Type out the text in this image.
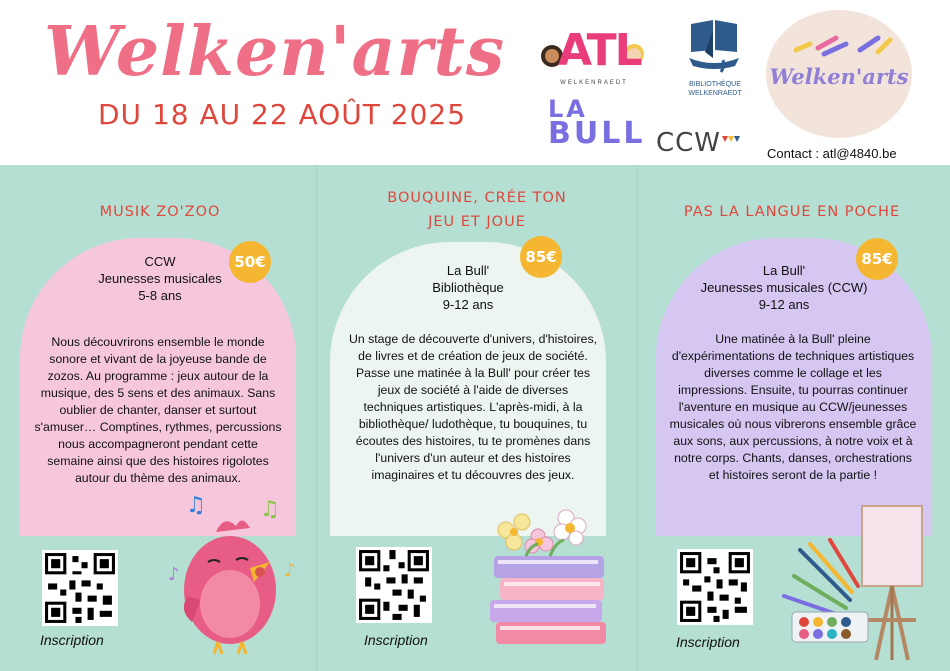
Welken'arts
DU 18 AU 22 AOÛT 2025
ATL
WELKENRAEDT	BIBLIOTHÈQUE
WELKENRAEDT
LA
BULL CCW
Welken'arts
Contact : atl@4840.be
MUSIK ZO'ZOO
50€
CCW
Jeunesses musicales
5-8 ans
Nous découvrirons ensemble le monde sonore et vivant de la joyeuse bande de zozos. Au programme : jeux autour de la musique, des 5 sens et des animaux. Sans oublier de chanter, danser et surtout s'amuser… Comptines, rythmes, percussions nous accompagneront pendant cette semaine ainsi que des histoires rigolotes autour du thème des animaux.
Inscription
♫ ♫
♪	♪
BOUQUINE, CRÉE TON
JEU ET JOUE
85€
La Bull'
Bibliothèque
9-12 ans
Un stage de découverte d'univers, d'histoires, de livres et de création de jeux de société. Passe une matinée à la Bull' pour créer tes jeux de société à l'aide de diverses techniques artistiques. L'après-midi, à la bibliothèque/ ludothèque, tu bouquines, tu écoutes des histoires, tu te promènes dans l'univers d'un auteur et des histoires imaginaires et tu découvres des jeux.
Inscription
PAS LA LANGUE EN POCHE
85€
La Bull'
Jeunesses musicales (CCW)
9-12 ans
Une matinée à la Bull' pleine d'expérimentations de techniques artistiques diverses comme le collage et les impressions. Ensuite, tu pourras continuer l'aventure en musique au CCW/jeunesses musicales où nous vibrerons ensemble grâce aux sons, aux percussions, à notre voix et à notre corps. Chants, danses, orchestrations et histoires seront de la partie !
Inscription
